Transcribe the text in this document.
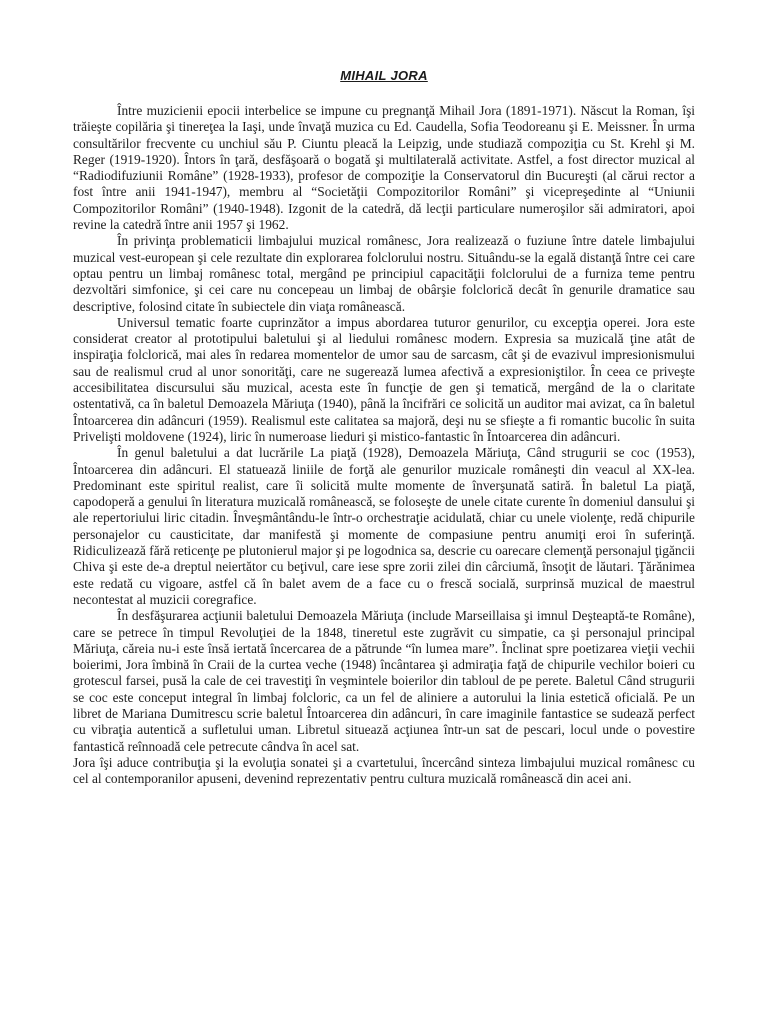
MIHAIL JORA

Între muzicienii epocii interbelice se impune cu pregnanţă Mihail Jora (1891-1971). Născut la Roman, îşi trăieşte copilăria şi tinereţea la Iaşi, unde învaţă muzica cu Ed. Caudella, Sofia Teodoreanu şi E. Meissner. În urma consultărilor frecvente cu unchiul său P. Ciuntu pleacă la Leipzig, unde studiază compoziţia cu St. Krehl şi M. Reger (1919-1920). Întors în ţară, desfăşoară o bogată şi multilaterală activitate. Astfel, a fost director muzical al “Radiodifuziunii Române” (1928-1933), profesor de compoziţie la Conservatorul din Bucureşti (al cărui rector a fost între anii 1941-1947), membru al “Societăţii Compozitorilor Români” şi vicepreşedinte al “Uniunii Compozitorilor Români” (1940-1948). Izgonit de la catedră, dă lecţii particulare numeroşilor săi admiratori, apoi revine la catedră între anii 1957 şi 1962.

În privinţa problematicii limbajului muzical românesc, Jora realizează o fuziune între datele limbajului muzical vest-european şi cele rezultate din explorarea folclorului nostru. Situându-se la egală distanţă între cei care optau pentru un limbaj românesc total, mergând pe principiul capacităţii folclorului de a furniza teme pentru dezvoltări simfonice, şi cei care nu concepeau un limbaj de obârşie folclorică decât în genurile dramatice sau descriptive, folosind citate în subiectele din viaţa românească.

Universul tematic foarte cuprinzător a impus abordarea tuturor genurilor, cu excepţia operei. Jora este considerat creator al prototipului baletului şi al liedului românesc modern. Expresia sa muzicală ţine atât de inspiraţia folclorică, mai ales în redarea momentelor de umor sau de sarcasm, cât şi de evazivul impresionismului sau de realismul crud al unor sonorităţi, care ne sugerează lumea afectivă a expresioniştilor. În ceea ce priveşte accesibilitatea discursului său muzical, acesta este în funcţie de gen şi tematică, mergând de la o claritate ostentativă, ca în baletul Demoazela Măriuţa (1940), până la încifrări ce solicită un auditor mai avizat, ca în baletul Întoarcerea din adâncuri (1959). Realismul este calitatea sa majoră, deşi nu se sfieşte a fi romantic bucolic în suita Privelişti moldovene (1924), liric în numeroase lieduri şi mistico-fantastic în Întoarcerea din adâncuri.

În genul baletului a dat lucrările La piaţă (1928), Demoazela Măriuţa, Când strugurii se coc (1953), Întoarcerea din adâncuri. El statuează liniile de forţă ale genurilor muzicale româneşti din veacul al XX-lea. Predominant este spiritul realist, care îi solicită multe momente de înverşunată satiră. În baletul La piaţă, capodoperă a genului în literatura muzicală românească, se foloseşte de unele citate curente în domeniul dansului şi ale repertoriului liric citadin. Înveşmântându-le într-o orchestraţie acidulată, chiar cu unele violenţe, redă chipurile personajelor cu causticitate, dar manifestă şi momente de compasiune pentru anumiţi eroi în suferinţă. Ridiculizează fără reticenţe pe plutonierul major şi pe logodnica sa, descrie cu oarecare clemenţă personajul ţigăncii Chiva şi este de-a dreptul neiertător cu beţivul, care iese spre zorii zilei din cârciumă, însoţit de lăutari. Ţărănimea este redată cu vigoare, astfel că în balet avem de a face cu o frescă socială, surprinsă muzical de maestrul necontestat al muzicii coregrafice.

În desfăşurarea acţiunii baletului Demoazela Măriuţa (include Marseillaisa şi imnul Deşteaptă-te Române), care se petrece în timpul Revoluţiei de la 1848, tineretul este zugrăvit cu simpatie, ca şi personajul principal Măriuţa, căreia nu-i este însă iertată încercarea de a pătrunde “în lumea mare”. Înclinat spre poetizarea vieţii vechii boierimi, Jora îmbină în Craii de la curtea veche (1948) încântarea şi admiraţia faţă de chipurile vechilor boieri cu grotescul farsei, pusă la cale de cei travestiţi în veşmintele boierilor din tabloul de pe perete. Baletul Când strugurii se coc este conceput integral în limbaj folcloric, ca un fel de aliniere a autorului la linia estetică oficială. Pe un libret de Mariana Dumitrescu scrie baletul Întoarcerea din adâncuri, în care imaginile fantastice se sudează perfect cu vibraţia autentică a sufletului uman. Libretul situează acţiunea într-un sat de pescari, locul unde o povestire fantastică reînnoadă cele petrecute cândva în acel sat.

Jora îşi aduce contribuţia şi la evoluţia sonatei şi a cvartetului, încercând sinteza limbajului muzical românesc cu cel al contemporanilor apuseni, devenind reprezentativ pentru cultura muzicală românească din acei ani.
